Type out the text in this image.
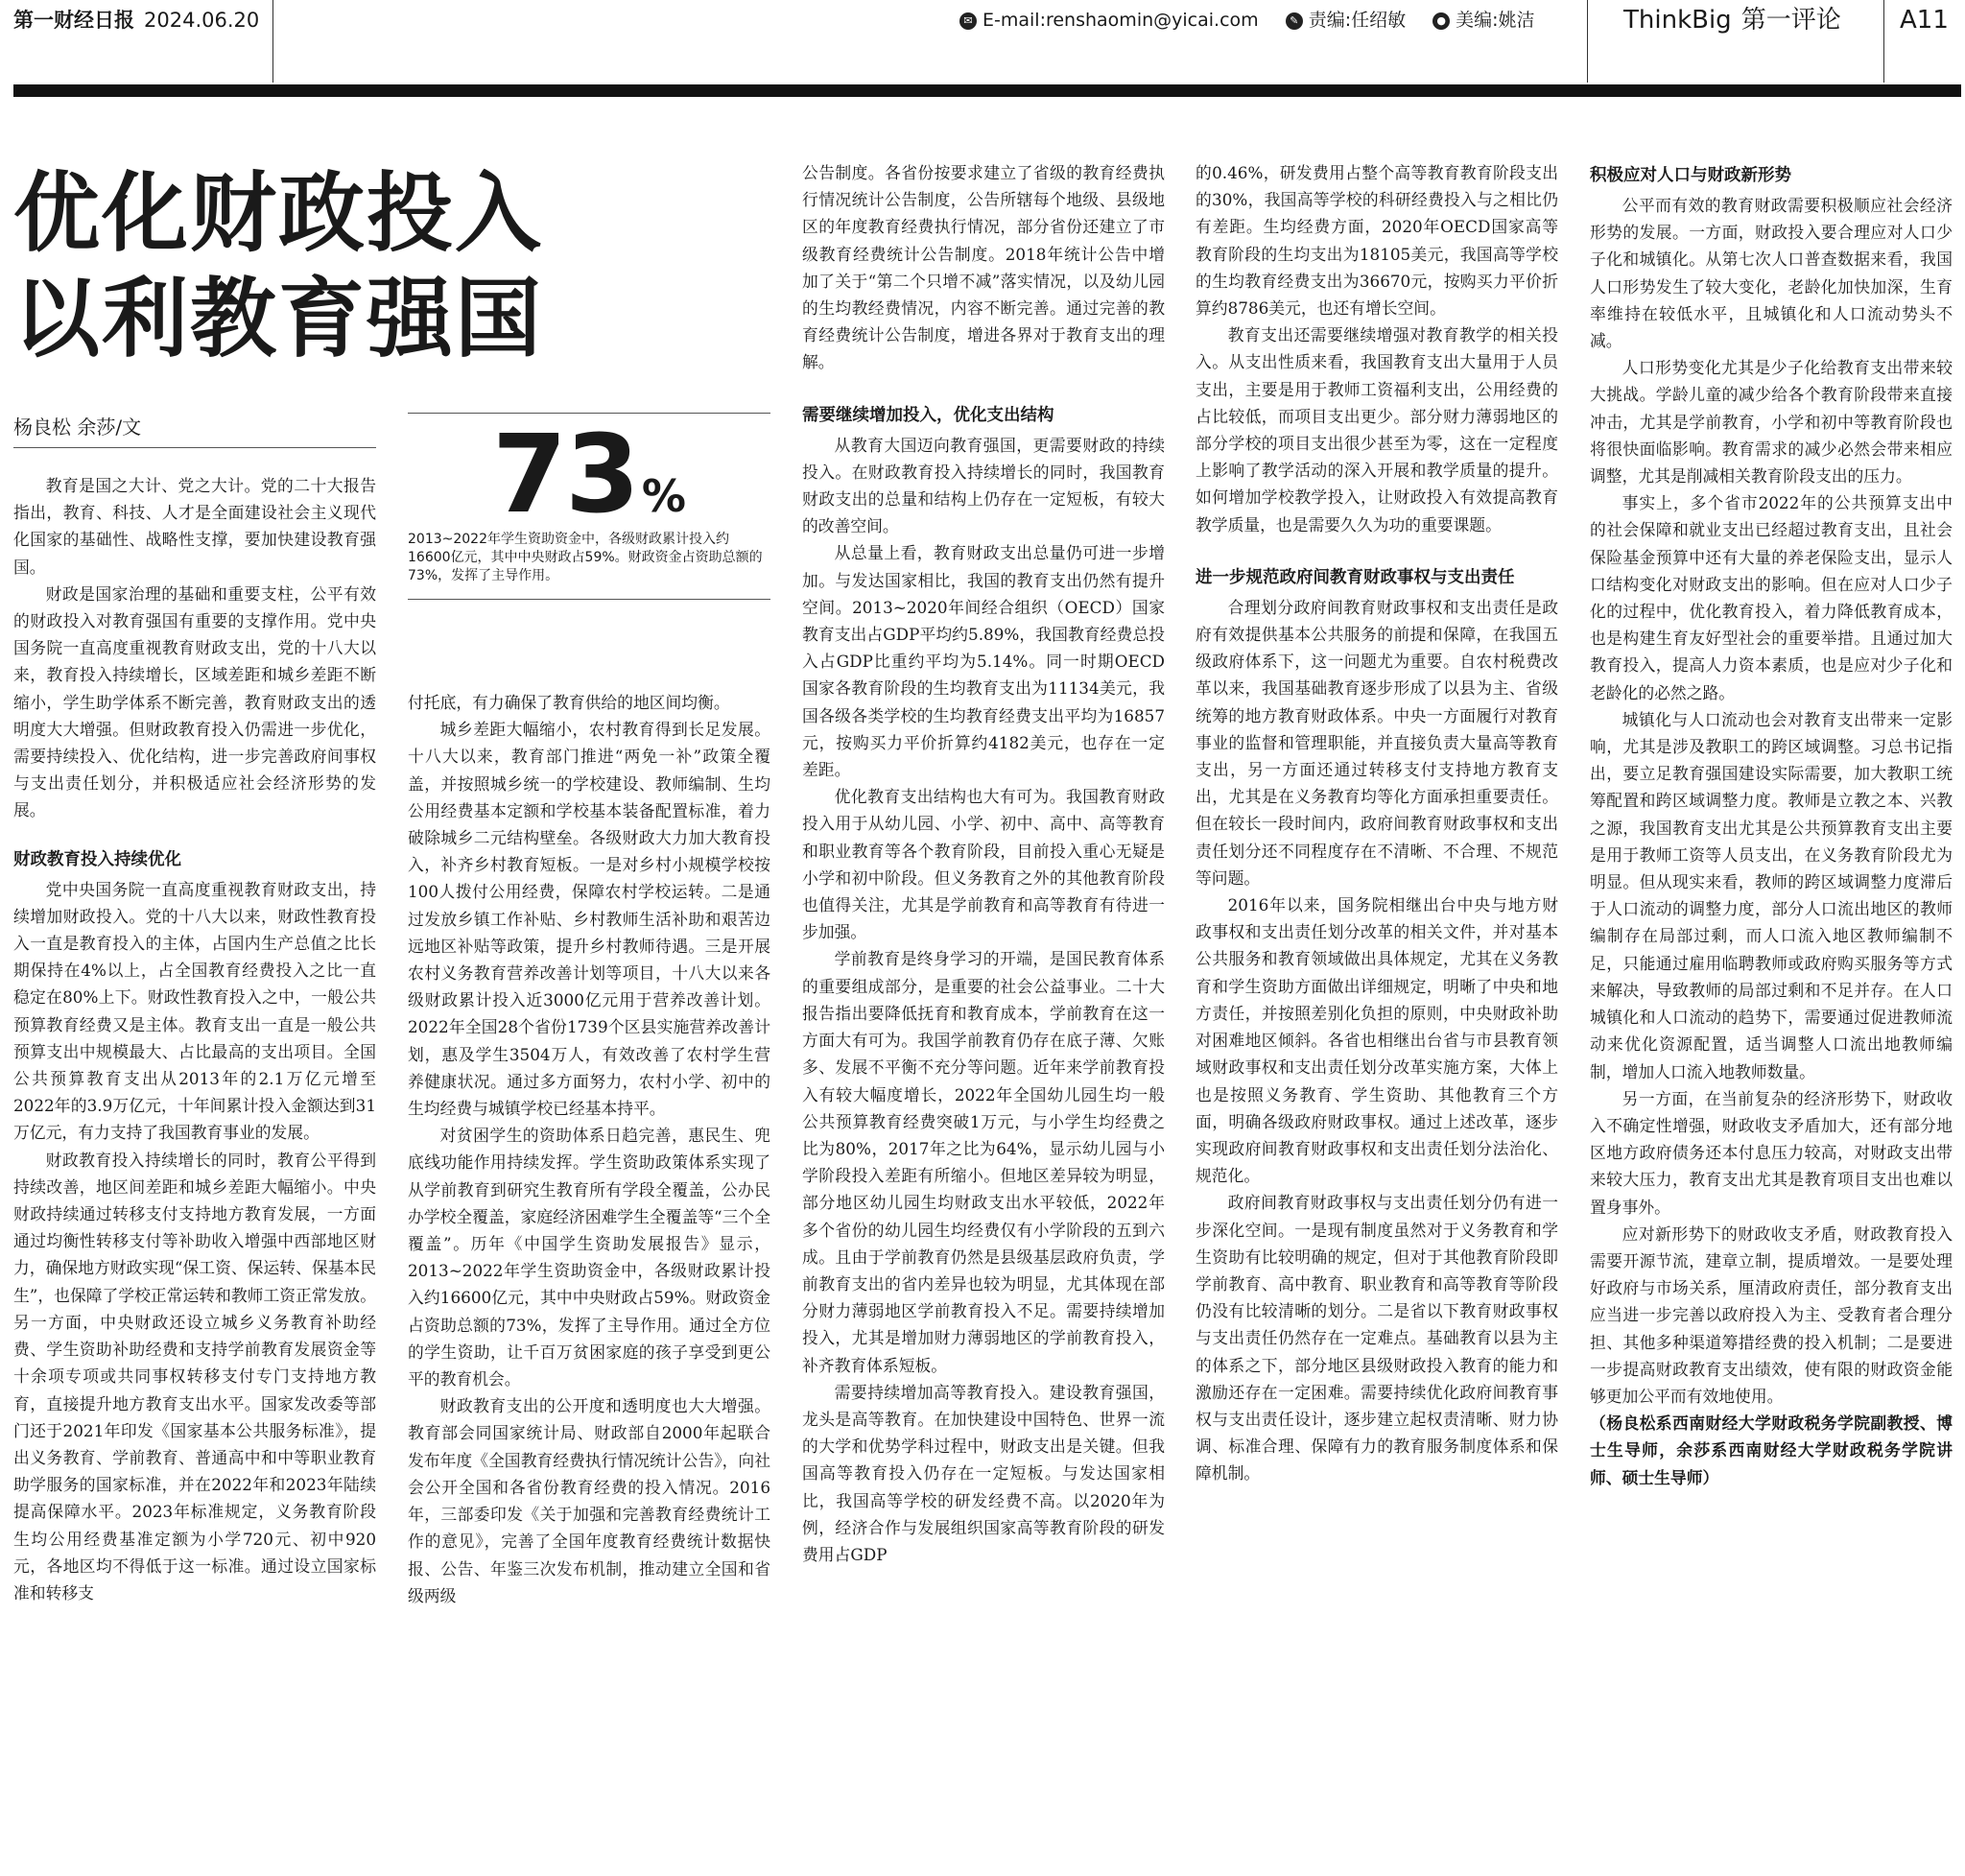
第一财经日报 2024.06.20	✉ E-mail:renshaomin@yicai.com	✎ 责编:任绍敏	● 美编:姚洁	ThinkBig 第一评论 A11
优化财政投入
以利教育强国
杨良松 余莎/文	73%
2013~2022年学生资助资金中，各级财政累计投入约16600亿元，其中中央财政占59%。财政资金占资助总额的73%，发挥了主导作用。

教育是国之大计、党之大计。党的二十大报告指出，教育、科技、人才是全面建设社会主义现代化国家的基础性、战略性支撑，要加快建设教育强国。

财政是国家治理的基础和重要支柱，公平有效的财政投入对教育强国有重要的支撑作用。党中央国务院一直高度重视教育财政支出，党的十八大以来，教育投入持续增长，区域差距和城乡差距不断缩小，学生助学体系不断完善，教育财政支出的透明度大大增强。但财政教育投入仍需进一步优化，需要持续投入、优化结构，进一步完善政府间事权与支出责任划分，并积极适应社会经济形势的发展。

财政教育投入持续优化

党中央国务院一直高度重视教育财政支出，持续增加财政投入。党的十八大以来，财政性教育投入一直是教育投入的主体，占国内生产总值之比长期保持在4%以上，占全国教育经费投入之比一直稳定在80%上下。财政性教育投入之中，一般公共预算教育经费又是主体。教育支出一直是一般公共预算支出中规模最大、占比最高的支出项目。全国公共预算教育支出从2013年的2.1万亿元增至2022年的3.9万亿元，十年间累计投入金额达到31万亿元，有力支持了我国教育事业的发展。

财政教育投入持续增长的同时，教育公平得到持续改善，地区间差距和城乡差距大幅缩小。中央财政持续通过转移支付支持地方教育发展，一方面通过均衡性转移支付等补助收入增强中西部地区财力，确保地方财政实现“保工资、保运转、保基本民生”，也保障了学校正常运转和教师工资正常发放。另一方面，中央财政还设立城乡义务教育补助经费、学生资助补助经费和支持学前教育发展资金等十余项专项或共同事权转移支付专门支持地方教育，直接提升地方教育支出水平。国家发改委等部门还于2021年印发《国家基本公共服务标准》，提出义务教育、学前教育、普通高中和中等职业教育助学服务的国家标准，并在2022年和2023年陆续提高保障水平。2023年标准规定，义务教育阶段生均公用经费基准定额为小学720元、初中920元，各地区均不得低于这一标准。通过设立国家标准和转移支

付托底，有力确保了教育供给的地区间均衡。

城乡差距大幅缩小，农村教育得到长足发展。十八大以来，教育部门推进“两免一补”政策全覆盖，并按照城乡统一的学校建设、教师编制、生均公用经费基本定额和学校基本装备配置标准，着力破除城乡二元结构壁垒。各级财政大力加大教育投入，补齐乡村教育短板。一是对乡村小规模学校按100人拨付公用经费，保障农村学校运转。二是通过发放乡镇工作补贴、乡村教师生活补助和艰苦边远地区补贴等政策，提升乡村教师待遇。三是开展农村义务教育营养改善计划等项目，十八大以来各级财政累计投入近3000亿元用于营养改善计划。2022年全国28个省份1739个区县实施营养改善计划，惠及学生3504万人，有效改善了农村学生营养健康状况。通过多方面努力，农村小学、初中的生均经费与城镇学校已经基本持平。

对贫困学生的资助体系日趋完善，惠民生、兜底线功能作用持续发挥。学生资助政策体系实现了从学前教育到研究生教育所有学段全覆盖，公办民办学校全覆盖，家庭经济困难学生全覆盖等“三个全覆盖”。历年《中国学生资助发展报告》显示，2013~2022年学生资助资金中，各级财政累计投入约16600亿元，其中中央财政占59%。财政资金占资助总额的73%，发挥了主导作用。通过全方位的学生资助，让千百万贫困家庭的孩子享受到更公平的教育机会。

财政教育支出的公开度和透明度也大大增强。教育部会同国家统计局、财政部自2000年起联合发布年度《全国教育经费执行情况统计公告》，向社会公开全国和各省份教育经费的投入情况。2016年，三部委印发《关于加强和完善教育经费统计工作的意见》，完善了全国年度教育经费统计数据快报、公告、年鉴三次发布机制，推动建立全国和省级两级

公告制度。各省份按要求建立了省级的教育经费执行情况统计公告制度，公告所辖每个地级、县级地区的年度教育经费执行情况，部分省份还建立了市级教育经费统计公告制度。2018年统计公告中增加了关于“第二个只增不减”落实情况，以及幼儿园的生均教经费情况，内容不断完善。通过完善的教育经费统计公告制度，增进各界对于教育支出的理解。

需要继续增加投入，优化支出结构

从教育大国迈向教育强国，更需要财政的持续投入。在财政教育投入持续增长的同时，我国教育财政支出的总量和结构上仍存在一定短板，有较大的改善空间。

从总量上看，教育财政支出总量仍可进一步增加。与发达国家相比，我国的教育支出仍然有提升空间。2013~2020年间经合组织（OECD）国家教育支出占GDP平均约5.89%，我国教育经费总投入占GDP比重约平均为5.14%。同一时期OECD国家各教育阶段的生均教育支出为11134美元，我国各级各类学校的生均教育经费支出平均为16857元，按购买力平价折算约4182美元，也存在一定差距。

优化教育支出结构也大有可为。我国教育财政投入用于从幼儿园、小学、初中、高中、高等教育和职业教育等各个教育阶段，目前投入重心无疑是小学和初中阶段。但义务教育之外的其他教育阶段也值得关注，尤其是学前教育和高等教育有待进一步加强。

学前教育是终身学习的开端，是国民教育体系的重要组成部分，是重要的社会公益事业。二十大报告指出要降低抚育和教育成本，学前教育在这一方面大有可为。我国学前教育仍存在底子薄、欠账多、发展不平衡不充分等问题。近年来学前教育投入有较大幅度增长，2022年全国幼儿园生均一般公共预算教育经费突破1万元，与小学生均经费之比为80%，2017年之比为64%，显示幼儿园与小学阶段投入差距有所缩小。但地区差异较为明显，部分地区幼儿园生均财政支出水平较低，2022年多个省份的幼儿园生均经费仅有小学阶段的五到六成。且由于学前教育仍然是县级基层政府负责，学前教育支出的省内差异也较为明显，尤其体现在部分财力薄弱地区学前教育投入不足。需要持续增加投入，尤其是增加财力薄弱地区的学前教育投入，补齐教育体系短板。

需要持续增加高等教育投入。建设教育强国，龙头是高等教育。在加快建设中国特色、世界一流的大学和优势学科过程中，财政支出是关键。但我国高等教育投入仍存在一定短板。与发达国家相比，我国高等学校的研发经费不高。以2020年为例，经济合作与发展组织国家高等教育阶段的研发费用占GDP

的0.46%，研发费用占整个高等教育教育阶段支出的30%，我国高等学校的科研经费投入与之相比仍有差距。生均经费方面，2020年OECD国家高等教育阶段的生均支出为18105美元，我国高等学校的生均教育经费支出为36670元，按购买力平价折算约8786美元，也还有增长空间。

教育支出还需要继续增强对教育教学的相关投入。从支出性质来看，我国教育支出大量用于人员支出，主要是用于教师工资福利支出，公用经费的占比较低，而项目支出更少。部分财力薄弱地区的部分学校的项目支出很少甚至为零，这在一定程度上影响了教学活动的深入开展和教学质量的提升。如何增加学校教学投入，让财政投入有效提高教育教学质量，也是需要久久为功的重要课题。

进一步规范政府间教育财政事权与支出责任

合理划分政府间教育财政事权和支出责任是政府有效提供基本公共服务的前提和保障，在我国五级政府体系下，这一问题尤为重要。自农村税费改革以来，我国基础教育逐步形成了以县为主、省级统筹的地方教育财政体系。中央一方面履行对教育事业的监督和管理职能，并直接负责大量高等教育支出，另一方面还通过转移支付支持地方教育支出，尤其是在义务教育均等化方面承担重要责任。但在较长一段时间内，政府间教育财政事权和支出责任划分还不同程度存在不清晰、不合理、不规范等问题。

2016年以来，国务院相继出台中央与地方财政事权和支出责任划分改革的相关文件，并对基本公共服务和教育领域做出具体规定，尤其在义务教育和学生资助方面做出详细规定，明晰了中央和地方责任，并按照差别化负担的原则，中央财政补助对困难地区倾斜。各省也相继出台省与市县教育领域财政事权和支出责任划分改革实施方案，大体上也是按照义务教育、学生资助、其他教育三个方面，明确各级政府财政事权。通过上述改革，逐步实现政府间教育财政事权和支出责任划分法治化、规范化。

政府间教育财政事权与支出责任划分仍有进一步深化空间。一是现有制度虽然对于义务教育和学生资助有比较明确的规定，但对于其他教育阶段即学前教育、高中教育、职业教育和高等教育等阶段仍没有比较清晰的划分。二是省以下教育财政事权与支出责任仍然存在一定难点。基础教育以县为主的体系之下，部分地区县级财政投入教育的能力和激励还存在一定困难。需要持续优化政府间教育事权与支出责任设计，逐步建立起权责清晰、财力协调、标准合理、保障有力的教育服务制度体系和保障机制。

积极应对人口与财政新形势

公平而有效的教育财政需要积极顺应社会经济形势的发展。一方面，财政投入要合理应对人口少子化和城镇化。从第七次人口普查数据来看，我国人口形势发生了较大变化，老龄化加快加深，生育率维持在较低水平，且城镇化和人口流动势头不减。

人口形势变化尤其是少子化给教育支出带来较大挑战。学龄儿童的减少给各个教育阶段带来直接冲击，尤其是学前教育，小学和初中等教育阶段也将很快面临影响。教育需求的减少必然会带来相应调整，尤其是削减相关教育阶段支出的压力。

事实上，多个省市2022年的公共预算支出中的社会保障和就业支出已经超过教育支出，且社会保险基金预算中还有大量的养老保险支出，显示人口结构变化对财政支出的影响。但在应对人口少子化的过程中，优化教育投入，着力降低教育成本，也是构建生育友好型社会的重要举措。且通过加大教育投入，提高人力资本素质，也是应对少子化和老龄化的必然之路。

城镇化与人口流动也会对教育支出带来一定影响，尤其是涉及教职工的跨区域调整。习总书记指出，要立足教育强国建设实际需要，加大教职工统筹配置和跨区域调整力度。教师是立教之本、兴教之源，我国教育支出尤其是公共预算教育支出主要是用于教师工资等人员支出，在义务教育阶段尤为明显。但从现实来看，教师的跨区域调整力度滞后于人口流动的调整力度，部分人口流出地区的教师编制存在局部过剩，而人口流入地区教师编制不足，只能通过雇用临聘教师或政府购买服务等方式来解决，导致教师的局部过剩和不足并存。在人口城镇化和人口流动的趋势下，需要通过促进教师流动来优化资源配置，适当调整人口流出地教师编制，增加人口流入地教师数量。

另一方面，在当前复杂的经济形势下，财政收入不确定性增强，财政收支矛盾加大，还有部分地区地方政府债务还本付息压力较高，对财政支出带来较大压力，教育支出尤其是教育项目支出也难以置身事外。

应对新形势下的财政收支矛盾，财政教育投入需要开源节流，建章立制，提质增效。一是要处理好政府与市场关系，厘清政府责任，部分教育支出应当进一步完善以政府投入为主、受教育者合理分担、其他多种渠道筹措经费的投入机制；二是要进一步提高财政教育支出绩效，使有限的财政资金能够更加公平而有效地使用。

（杨良松系西南财经大学财政税务学院副教授、博士生导师，余莎系西南财经大学财政税务学院讲师、硕士生导师）
